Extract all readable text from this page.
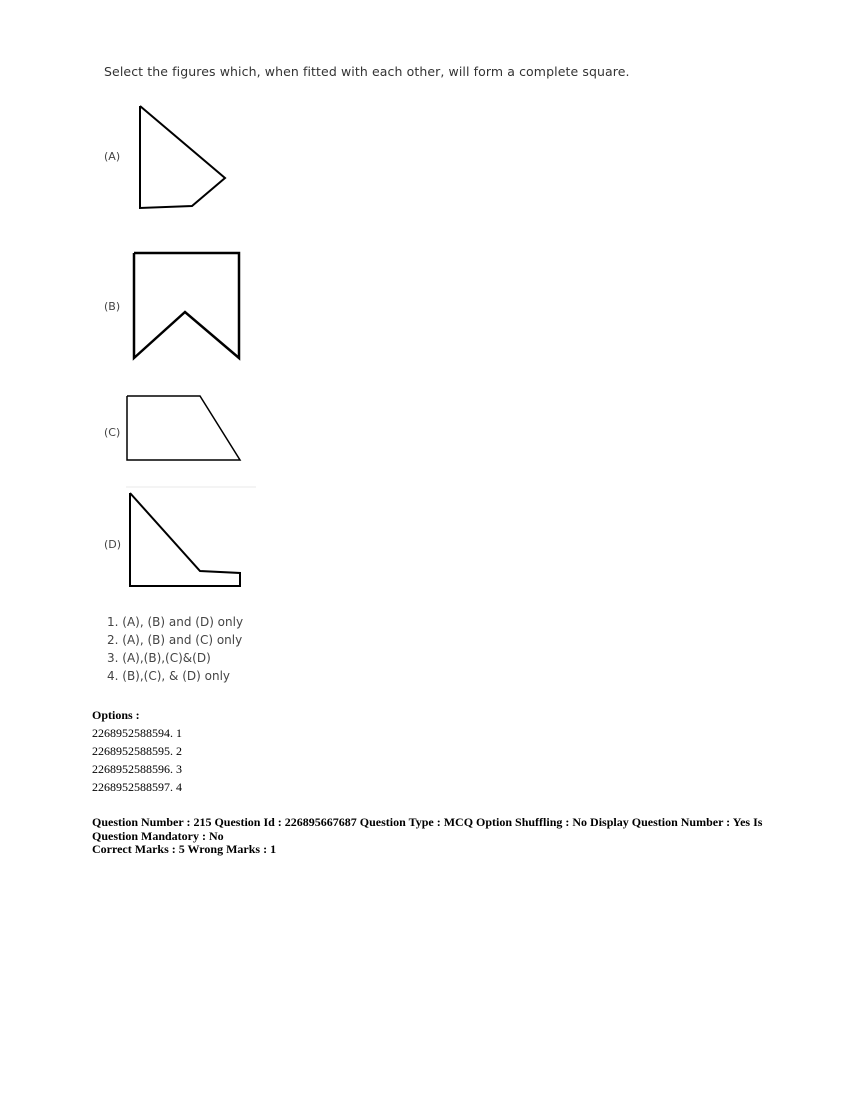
Select the figures which, when fitted with each other, will form a complete square.
(A)
(B)
(C)
(D)
1. (A), (B) and (D) only
2. (A), (B) and (C) only
3. (A),(B),(C)&(D)
4. (B),(C), & (D) only
Options :
2268952588594. 1
2268952588595. 2
2268952588596. 3
2268952588597. 4

Question Number : 215 Question Id : 226895667687 Question Type : MCQ Option Shuffling : No Display Question Number : Yes Is Question Mandatory : No

Correct Marks : 5 Wrong Marks : 1
